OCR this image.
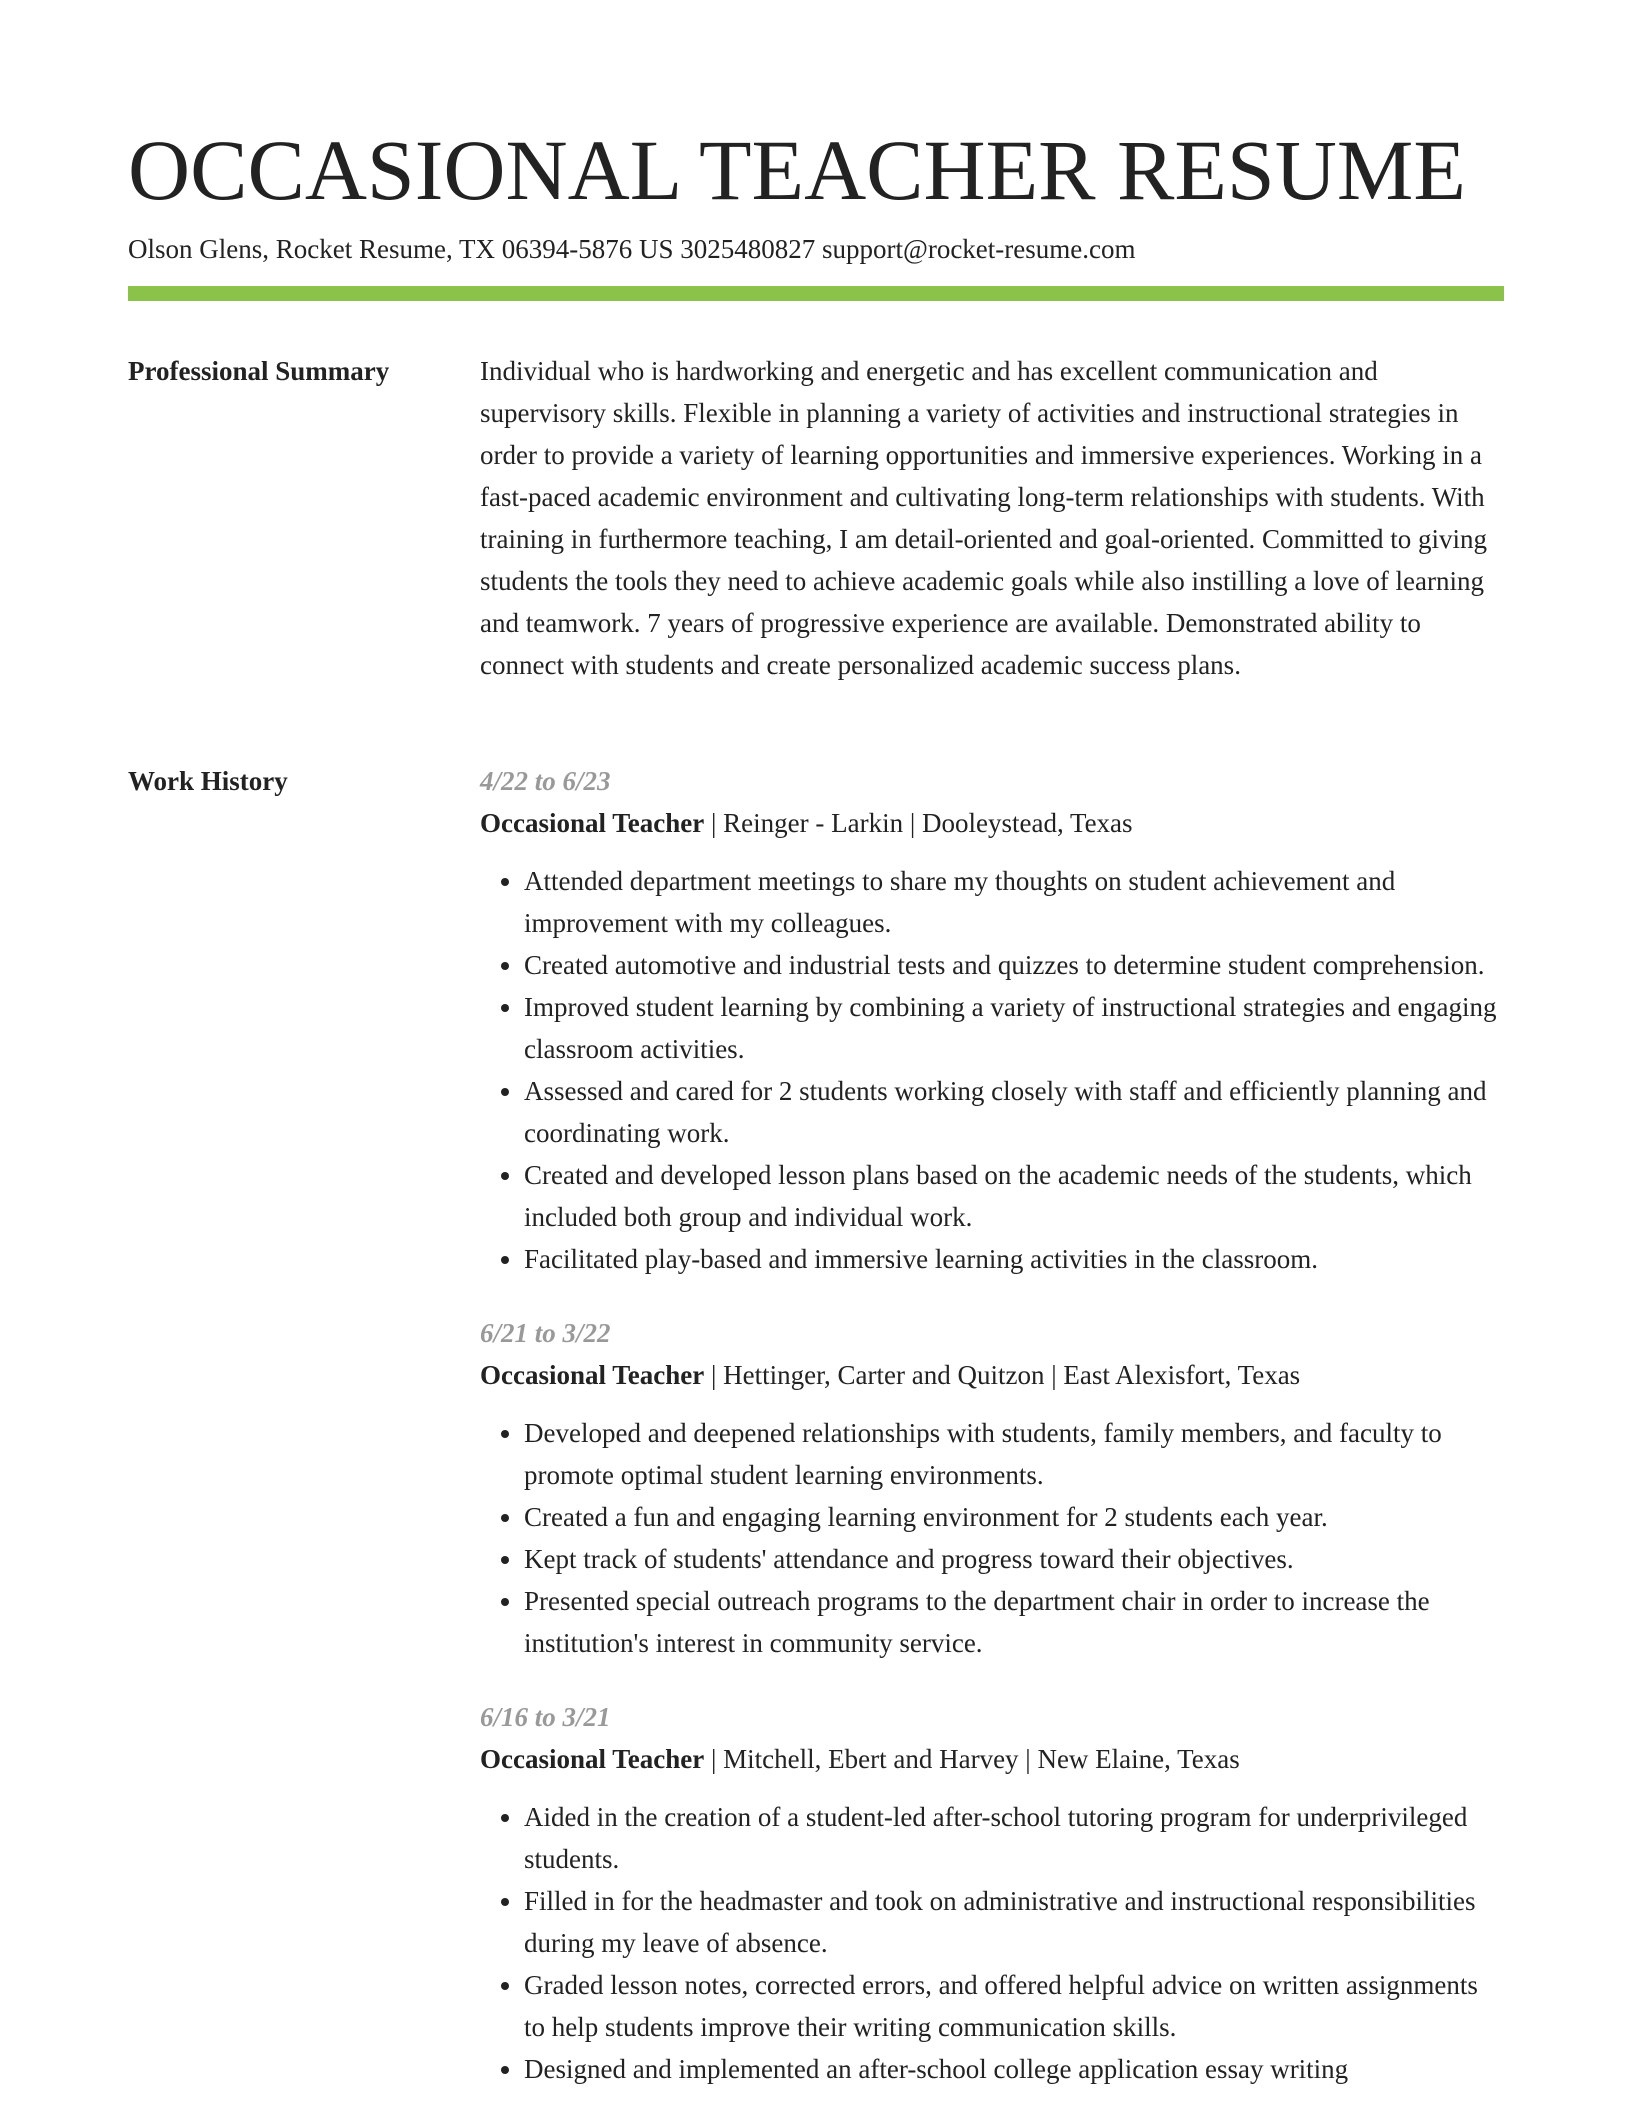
OCCASIONAL TEACHER RESUME
Olson Glens, Rocket Resume, TX 06394-5876 US 3025480827 support@rocket-resume.com
Professional Summary	Individual who is hardworking and energetic and has excellent communication and supervisory skills. Flexible in planning a variety of activities and instructional strategies in order to provide a variety of learning opportunities and immersive experiences. Working in a fast-paced academic environment and cultivating long-term relationships with students. With training in furthermore teaching, I am detail-oriented and goal-oriented. Committed to giving students the tools they need to achieve academic goals while also instilling a love of learning and teamwork. 7 years of progressive experience are available. Demonstrated ability to connect with students and create personalized academic success plans.

Work History	4/22 to 6/23
Occasional Teacher | Reinger - Larkin | Dooleystead, Texas
• Attended department meetings to share my thoughts on student achievement and improvement with my colleagues.
• Created automotive and industrial tests and quizzes to determine student comprehension.
• Improved student learning by combining a variety of instructional strategies and engaging classroom activities.
• Assessed and cared for 2 students working closely with staff and efficiently planning and coordinating work.
• Created and developed lesson plans based on the academic needs of the students, which included both group and individual work.
• Facilitated play-based and immersive learning activities in the classroom.
6/21 to 3/22
Occasional Teacher | Hettinger, Carter and Quitzon | East Alexisfort, Texas
• Developed and deepened relationships with students, family members, and faculty to promote optimal student learning environments.
• Created a fun and engaging learning environment for 2 students each year.
• Kept track of students' attendance and progress toward their objectives.
• Presented special outreach programs to the department chair in order to increase the institution's interest in community service.
6/16 to 3/21
Occasional Teacher | Mitchell, Ebert and Harvey | New Elaine, Texas
• Aided in the creation of a student-led after-school tutoring program for underprivileged students.
• Filled in for the headmaster and took on administrative and instructional responsibilities during my leave of absence.
• Graded lesson notes, corrected errors, and offered helpful advice on written assignments to help students improve their writing communication skills.
• Designed and implemented an after-school college application essay writing
